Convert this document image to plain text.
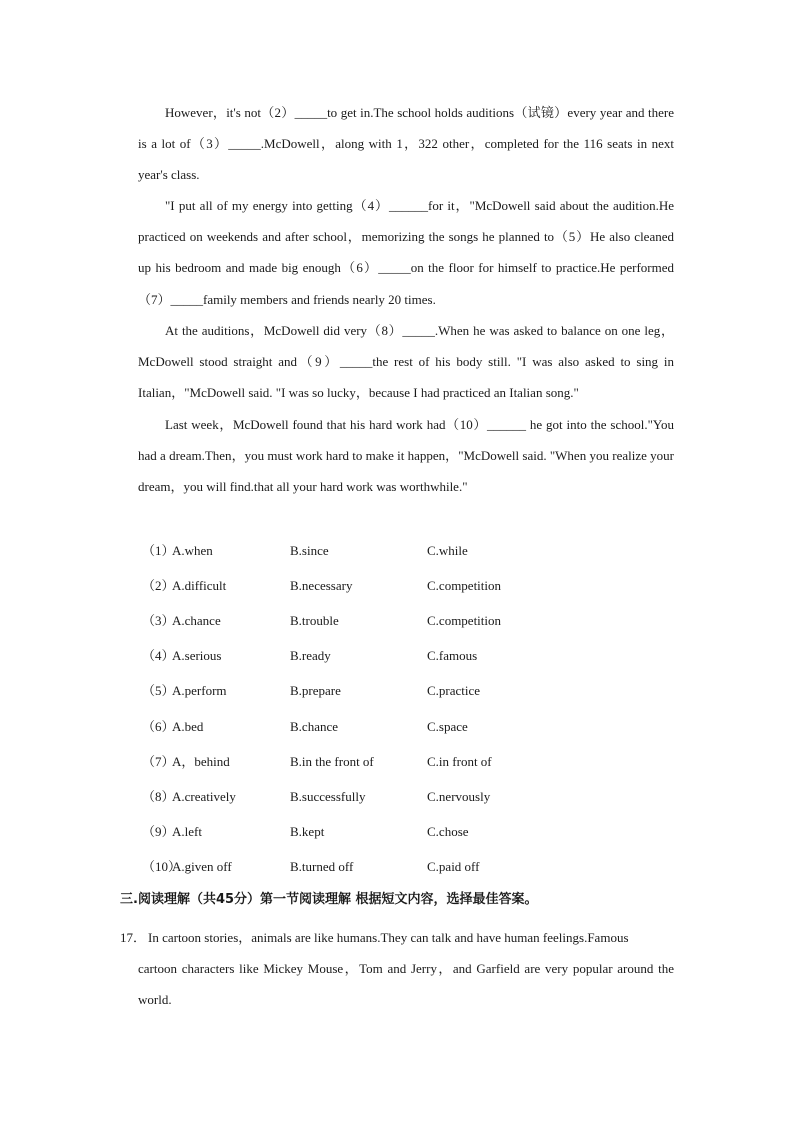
However，it's not（2）_____to get in.The school holds auditions（试镜）every year and there is a lot of（3）_____.McDowell，along with 1，322 other，completed for the 116 seats in next year's class.
"I put all of my energy into getting（4）______for it，"McDowell said about the audition.He practiced on weekends and after school，memorizing the songs he planned to（5）He also cleaned up his bedroom and made big enough（6）_____on the floor for himself to practice.He performed（7）_____family members and friends nearly 20 times.
At the auditions，McDowell did very（8）_____.When he was asked to balance on one leg，McDowell stood straight and（9）_____the rest of his body still. "I was also asked to sing in Italian，"McDowell said. "I was so lucky，because I had practiced an Italian song."
Last week，McDowell found that his hard work had（10）______ he got into the school."You had a dream.Then，you must work hard to make it happen，"McDowell said. "When you realize your dream，you will find.that all your hard work was worthwhile."
（1）
A.when	B.since	C.while
（2）
A.difficult	B.necessary	C.competition
（3）
A.chance	B.trouble	C.competition
（4）
A.serious	B.ready	C.famous
（5）
A.perform	B.prepare	C.practice
（6）
A.bed	B.chance	C.space
（7）
A，behind	B.in the front of	C.in front of
（8）
A.creatively	B.successfully	C.nervously
（9）
A.left	B.kept	C.chose
（10）
A.given off	B.turned off	C.paid off
三.阅读理解（共45分）第一节阅读理解 根据短文内容，选择最佳答案。
17． In cartoon stories，animals are like humans.They can talk and have human feelings.Famous
cartoon characters like Mickey Mouse，Tom and Jerry，and Garfield are very popular around the world.
